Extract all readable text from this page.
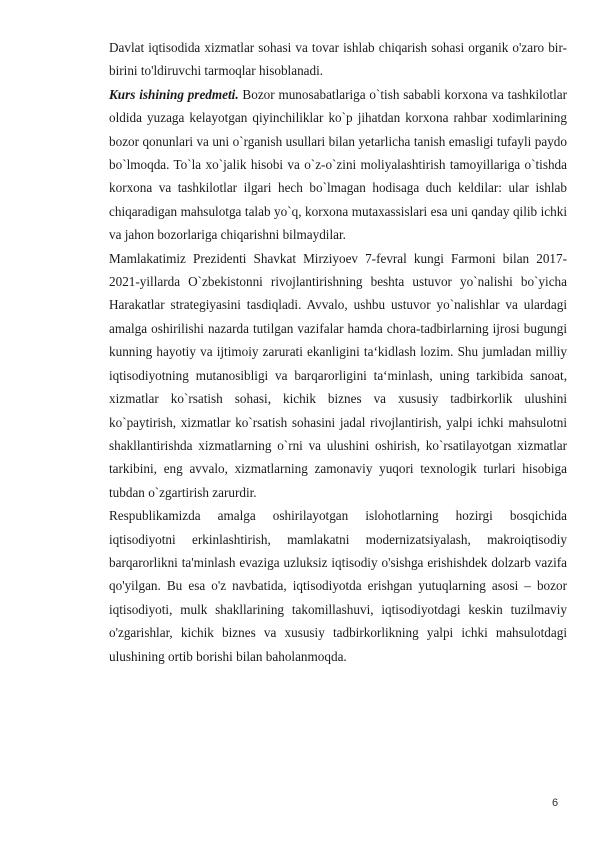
Davlat iqtisodida xizmatlar sohasi va tovar ishlab chiqarish sohasi organik o'zaro bir-birini to'ldiruvchi tarmoqlar hisoblanadi.

Kurs ishining predmeti. Bozor munosabatlariga o`tish sababli korxona va tashkilotlar oldida yuzaga kelayotgan qiyinchiliklar ko`p jihatdan korxona rahbar xodimlarining bozor qonunlari va uni o`rganish usullari bilan yetarlicha tanish emasligi tufayli paydo bo`lmoqda. To`la xo`jalik hisobi va o`z-o`zini moliyalashtirish tamoyillariga o`tishda korxona va tashkilotlar ilgari hech bo`lmagan hodisaga duch keldilar: ular ishlab chiqaradigan mahsulotga talab yo`q, korxona mutaxassislari esa uni qanday qilib ichki va jahon bozorlariga chiqarishni bilmaydilar.

Mamlakatimiz Prezidenti Shavkat Mirziyoev 7-fevral kungi Farmoni bilan 2017-2021-yillarda O`zbekistonni rivojlantirishning beshta ustuvor yo`nalishi bo`yicha Harakatlar strategiyasini tasdiqladi. Avvalo, ushbu ustuvor yo`nalishlar va ulardagi amalga oshirilishi nazarda tutilgan vazifalar hamda chora-tadbirlarning ijrosi bugungi kunning hayotiy va ijtimoiy zarurati ekanligini ta‘kidlash lozim. Shu jumladan milliy iqtisodiyotning mutanosibligi va barqarorligini ta‘minlash, uning tarkibida sanoat, xizmatlar ko`rsatish sohasi, kichik biznes va xususiy tadbirkorlik ulushini ko`paytirish, xizmatlar ko`rsatish sohasini jadal rivojlantirish, yalpi ichki mahsulotni shakllantirishda xizmatlarning o`rni va ulushini oshirish, ko`rsatilayotgan xizmatlar tarkibini, eng avvalo, xizmatlarning zamonaviy yuqori texnologik turlari hisobiga tubdan o`zgartirish zarurdir.

Respublikamizda amalga oshirilayotgan islohotlarning hozirgi bosqichida iqtisodiyotni erkinlashtirish, mamlakatni modernizatsiyalash, makroiqtisodiy barqarorlikni ta'minlash evaziga uzluksiz iqtisodiy o'sishga erishishdek dolzarb vazifa qo'yilgan. Bu esa o'z navbatida, iqtisodiyotda erishgan yutuqlarning asosi – bozor iqtisodiyoti, mulk shakllarining takomillashuvi, iqtisodiyotdagi keskin tuzilmaviy o'zgarishlar, kichik biznes va xususiy tadbirkorlikning yalpi ichki mahsulotdagi ulushining ortib borishi bilan baholanmoqda.

6
